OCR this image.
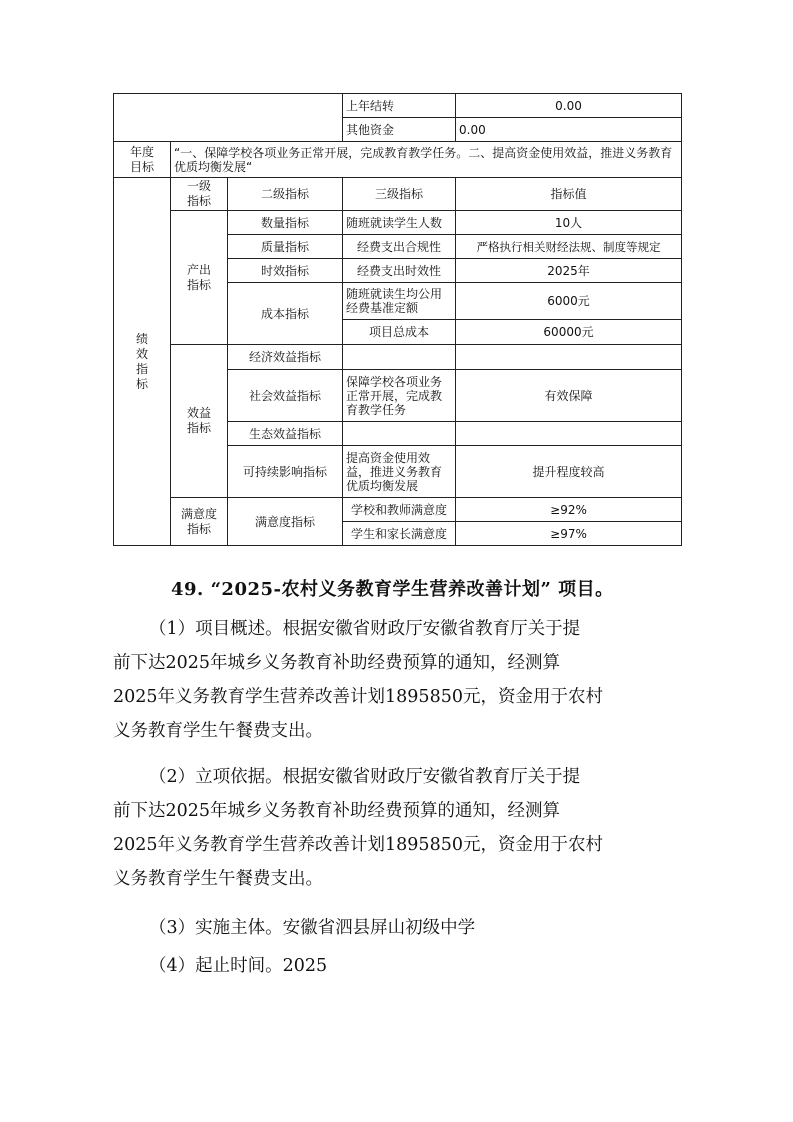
			上年结转	0.00
			其他资金	0.00
年度目标	“一、保障学校各项业务正常开展，完成教育教学任务。二、提高资金使用效益，推进义务教育优质均衡发展“			
绩效指标	一级指标	二级指标	三级指标	指标值
	产出指标	数量指标	随班就读学生人数	10人
		质量指标	经费支出合规性	严格执行相关财经法规、制度等规定
		时效指标	经费支出时效性	2025年
		成本指标	随班就读生均公用经费基准定额	6000元
			项目总成本	60000元
	效益指标	经济效益指标		
		社会效益指标	保障学校各项业务正常开展，完成教育教学任务	有效保障
		生态效益指标		
		可持续影响指标	提高资金使用效益，推进义务教育优质均衡发展	提升程度较高
	满意度指标	满意度指标	学校和教师满意度	≥92%
			学生和家长满意度	≥97%
49. “2025-农村义务教育学生营养改善计划” 项目。
（1）项目概述。根据安徽省财政厅安徽省教育厅关于提
前下达2025年城乡义务教育补助经费预算的通知，经测算
2025年义务教育学生营养改善计划1895850元，资金用于农村
义务教育学生午餐费支出。
（2）立项依据。根据安徽省财政厅安徽省教育厅关于提
前下达2025年城乡义务教育补助经费预算的通知，经测算
2025年义务教育学生营养改善计划1895850元，资金用于农村
义务教育学生午餐费支出。
（3）实施主体。安徽省泗县屏山初级中学
（4）起止时间。2025
